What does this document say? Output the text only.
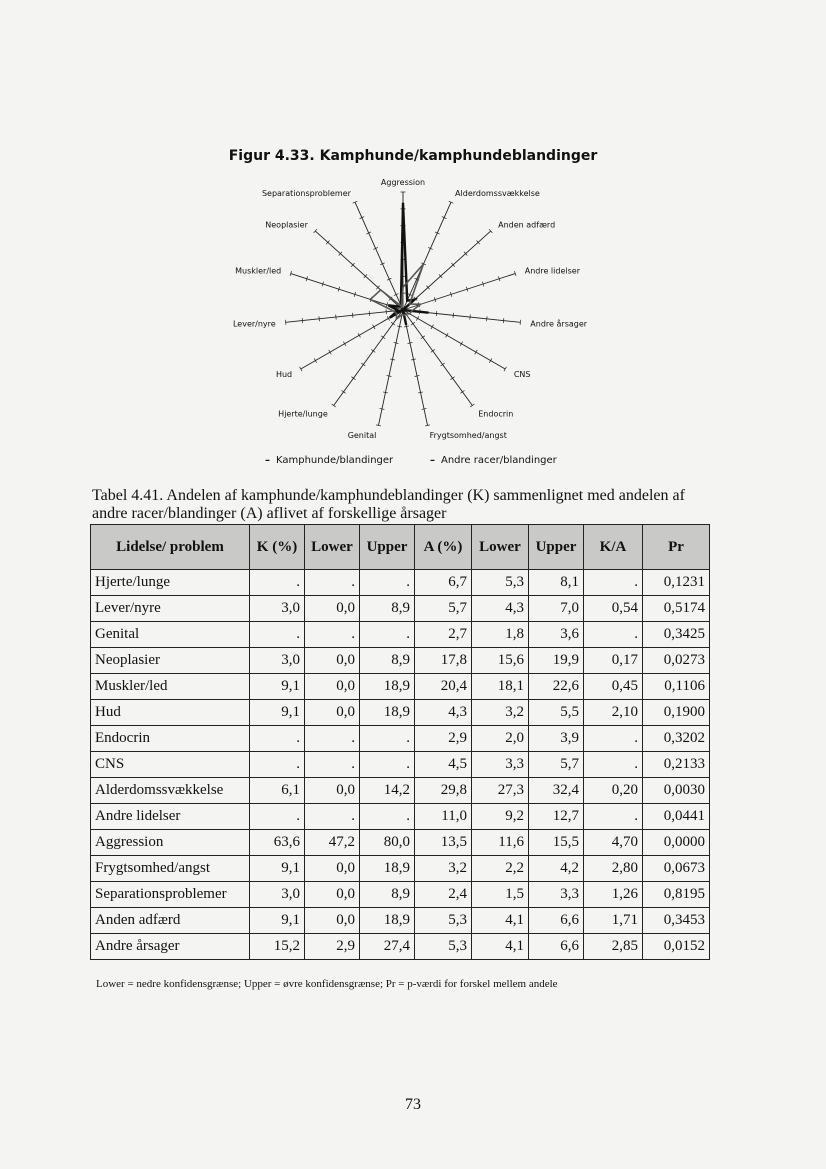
Figur 4.33. Kamphunde/kamphundeblandinger
Aggression
Alderdomssvækkelse
Anden adfærd
Andre lidelser
Andre årsager
CNS
Endocrin
Frygtsomhed/angst
Genital
Hjerte/lunge
Hud
Lever/nyre
Muskler/led
Neoplasier
Separationsproblemer
– Kamphunde/blandinger	– Andre racer/blandinger
Tabel 4.41. Andelen af kamphunde/kamphundeblandinger (K) sammenlignet med andelen af andre racer/blandinger (A) aflivet af forskellige årsager
Lidelse/ problem	K (%)	Lower	Upper	A (%)	Lower	Upper	K/A	Pr
Hjerte/lunge	.	.	.	6,7	5,3	8,1	.	0,1231
Lever/nyre	3,0	0,0	8,9	5,7	4,3	7,0	0,54	0,5174
Genital	.	.	.	2,7	1,8	3,6	.	0,3425
Neoplasier	3,0	0,0	8,9	17,8	15,6	19,9	0,17	0,0273
Muskler/led	9,1	0,0	18,9	20,4	18,1	22,6	0,45	0,1106
Hud	9,1	0,0	18,9	4,3	3,2	5,5	2,10	0,1900
Endocrin	.	.	.	2,9	2,0	3,9	.	0,3202
CNS	.	.	.	4,5	3,3	5,7	.	0,2133
Alderdomssvækkelse	6,1	0,0	14,2	29,8	27,3	32,4	0,20	0,0030
Andre lidelser	.	.	.	11,0	9,2	12,7	.	0,0441
Aggression	63,6	47,2	80,0	13,5	11,6	15,5	4,70	0,0000
Frygtsomhed/angst	9,1	0,0	18,9	3,2	2,2	4,2	2,80	0,0673
Separationsproblemer	3,0	0,0	8,9	2,4	1,5	3,3	1,26	0,8195
Anden adfærd	9,1	0,0	18,9	5,3	4,1	6,6	1,71	0,3453
Andre årsager	15,2	2,9	27,4	5,3	4,1	6,6	2,85	0,0152
Lower = nedre konfidensgrænse; Upper = øvre konfidensgrænse; Pr = p-værdi for forskel mellem andele
73
